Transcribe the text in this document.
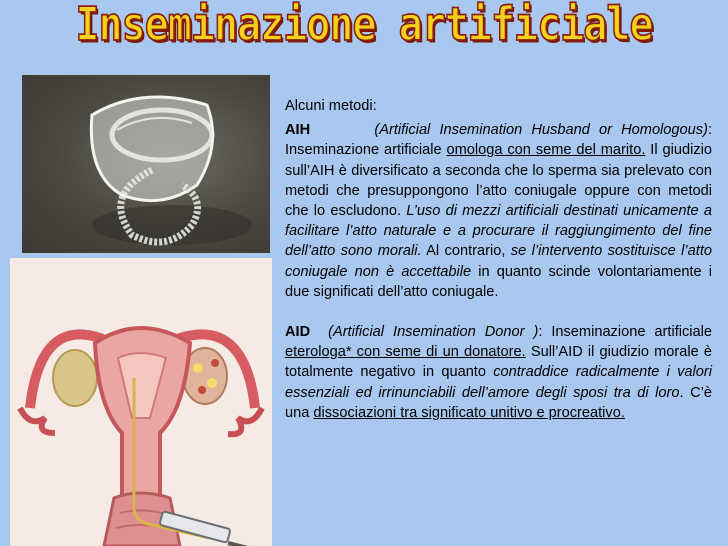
Inseminazione artificiale

Alcuni metodi:

AIH	(Artificial Insemination Husband or Homologous): Inseminazione artificiale omologa con seme del marito. Il giudizio sull’AIH è diversificato a seconda che lo sperma sia prelevato con metodi che presuppongono l’atto coniugale oppure con metodi che lo escludono. L’uso di mezzi artificiali destinati unicamente a facilitare l’atto naturale e a procurare il raggiungimento del fine dell’atto sono morali. Al contrario, se l’intervento sostituisce l’atto coniugale non è accettabile in quanto scinde volontariamente i due significati dell’atto coniugale.

AID (Artificial Insemination Donor ): Inseminazione artificiale eterologa* con seme di un donatore. Sull’AID il giudizio morale è totalmente negativo in quanto contraddice radicalmente i valori essenziali ed irrinunciabili dell’amore degli sposi tra di loro. C’è una dissociazioni tra significato unitivo e procreativo.
